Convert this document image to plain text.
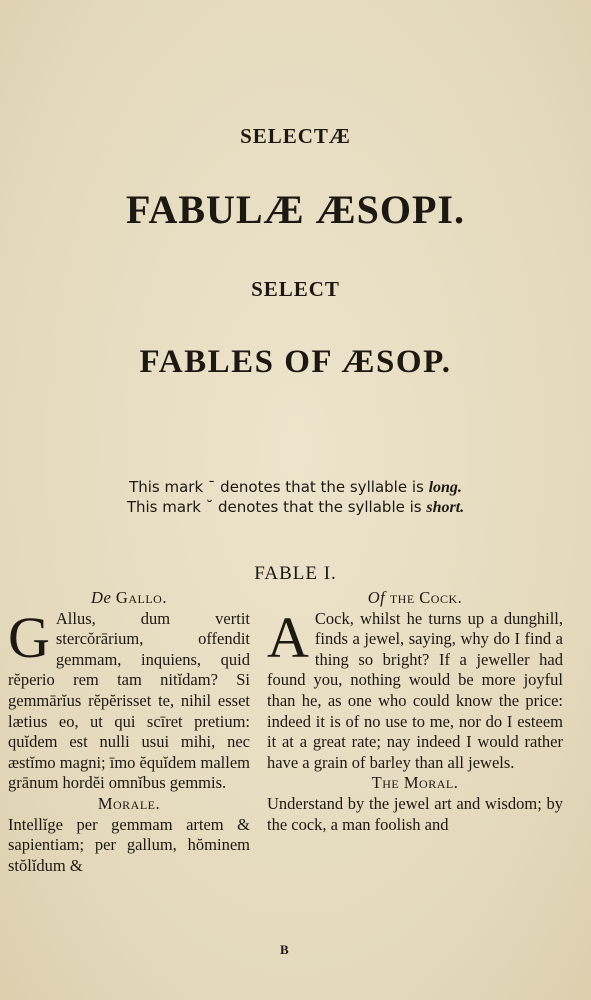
SELECTÆ
FABULÆ ÆSOPI.
SELECT
FABLES OF ÆSOP.
This mark ¯ denotes that the syllable is long.
This mark ˘ denotes that the syllable is short.
FABLE I.
De Gallo.
G Allus, dum vertit stercŏrārium, offendit gemmam, inquiens, quid rĕperio rem tam nitĭdam? Si gemmārĭus rĕpĕrisset te, nihil esset lætius eo, ut qui scīret pretium: quĭdem est nulli usui mihi, nec æstĭmo magni; īmo ĕquĭdem mallem grānum hordĕi omnĭbus gemmis.
Morale.
Intellĭge per gemmam artem & sapientiam; per gallum, hŏminem stŏlĭdum &
Of the Cock.
A Cock, whilst he turns up a dunghill, finds a jewel, saying, why do I find a thing so bright? If a jeweller had found you, nothing would be more joyful than he, as one who could know the price: indeed it is of no use to me, nor do I esteem it at a great rate; nay indeed I would rather have a grain of barley than all jewels.
The Moral.
Understand by the jewel art and wisdom; by the cock, a man foolish and
B
